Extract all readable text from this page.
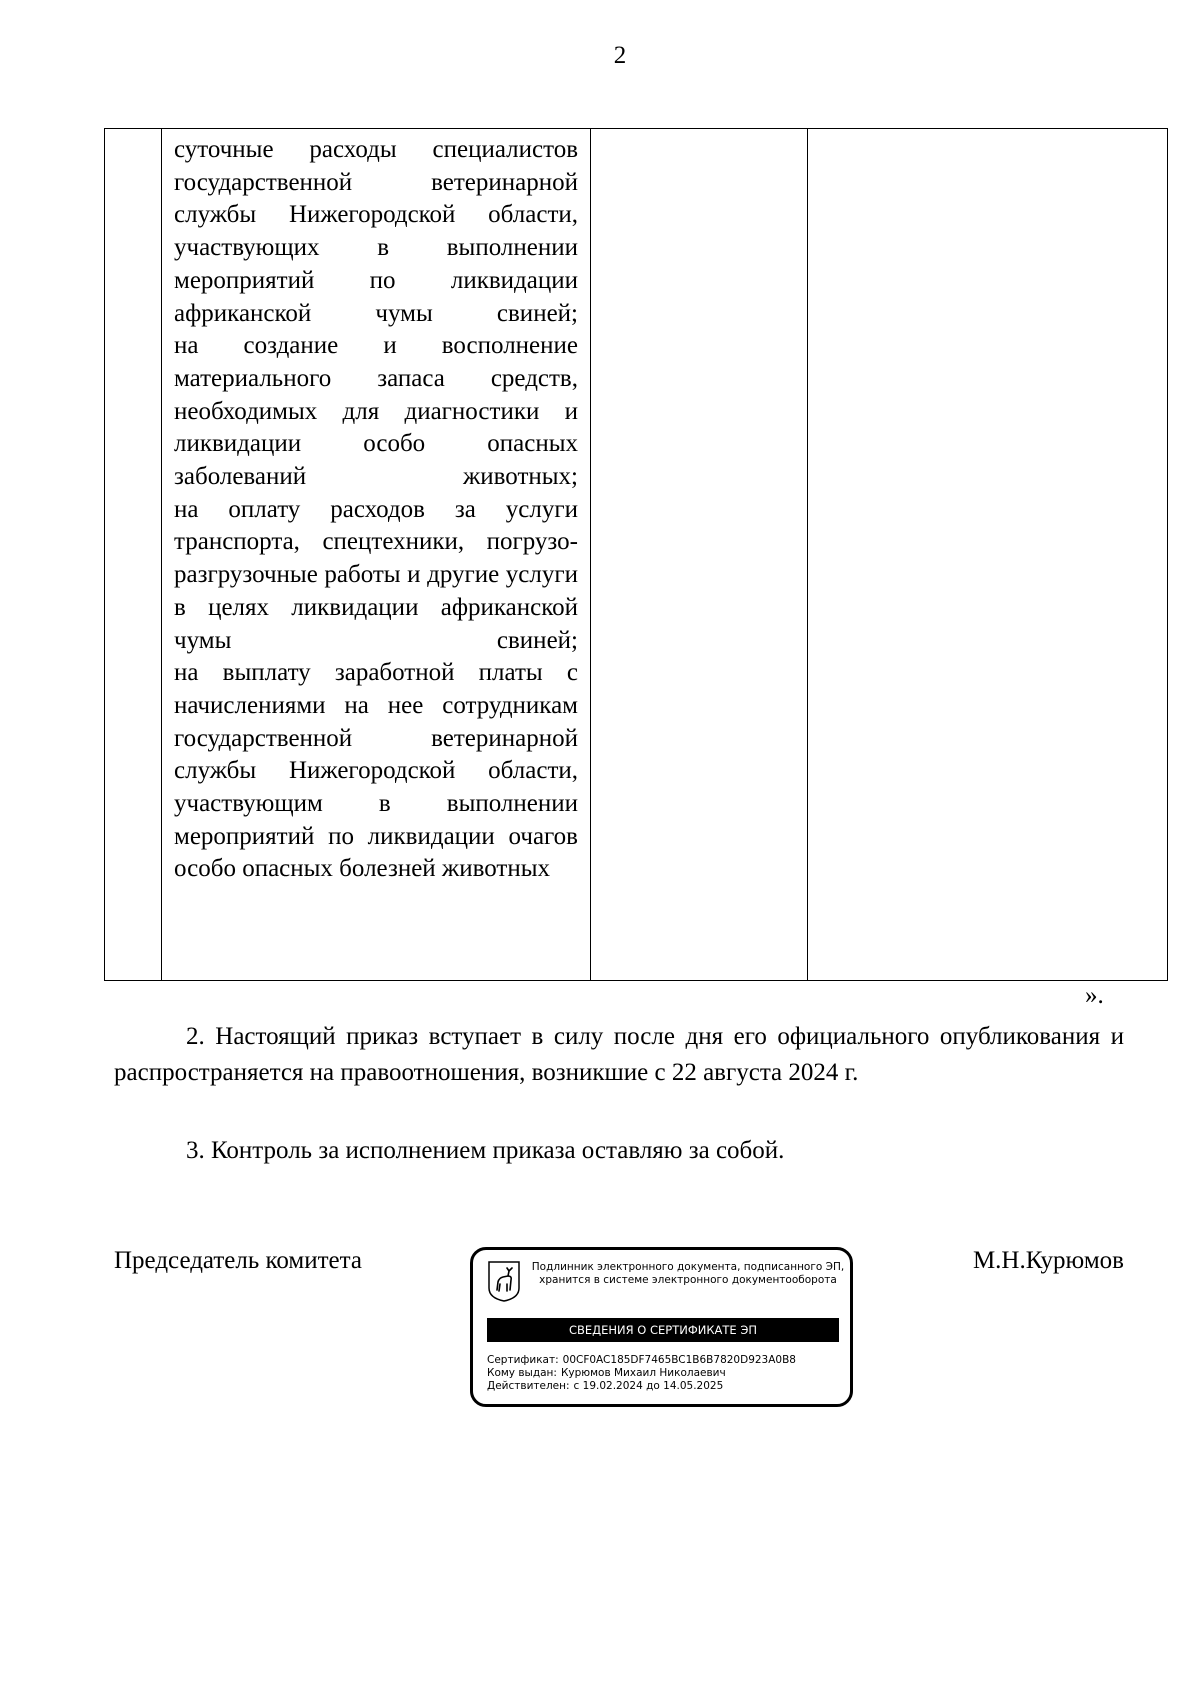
2

суточные расходы специалистов государственной ветеринарной службы Нижегородской области, участвующих в выполнении мероприятий по ликвидации африканской чумы свиней;
на создание и восполнение материального запаса средств, необходимых для диагностики и ликвидации особо опасных заболеваний животных;
на оплату расходов за услуги транспорта, спецтехники, погрузо-разгрузочные работы и другие услуги в целях ликвидации африканской чумы свиней;
на выплату заработной платы с начислениями на нее сотрудникам государственной ветеринарной службы Нижегородской области, участвующим в выполнении мероприятий по ликвидации очагов особо опасных болезней животных

».
2. Настоящий приказ вступает в силу после дня его официального опубликования и распространяется на правоотношения, возникшие с 22 августа 2024 г.
3. Контроль за исполнением приказа оставляю за собой.
Председатель комитета	М.Н.Курюмов
Подлинник электронного документа, подписанного ЭП,
хранится в системе электронного документооборота
СВЕДЕНИЯ О СЕРТИФИКАТЕ ЭП
Сертификат: 00CF0AC185DF7465BC1B6B7820D923A0B8
Кому выдан: Курюмов Михаил Николаевич
Действителен: с 19.02.2024 до 14.05.2025
